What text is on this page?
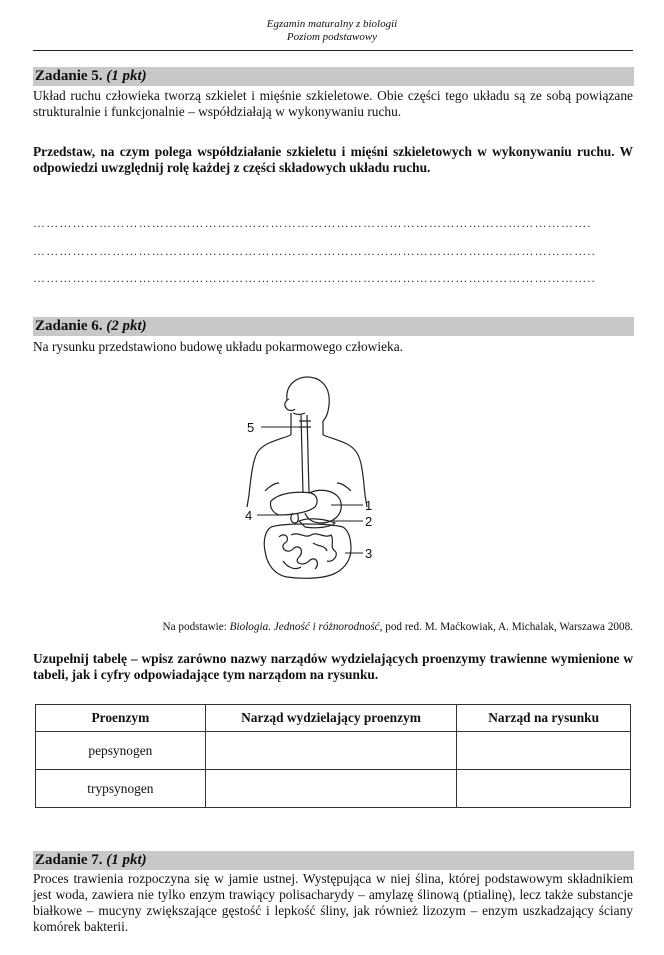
Egzamin maturalny z biologii
Poziom podstawowy
Zadanie 5. (1 pkt)
Układ ruchu człowieka tworzą szkielet i mięśnie szkieletowe. Obie części tego układu są ze sobą powiązane strukturalnie i funkcjonalnie – współdziałają w wykonywaniu ruchu.
Przedstaw, na czym polega współdziałanie szkieletu i mięśni szkieletowych w wykonywaniu ruchu. W odpowiedzi uwzględnij rolę każdej z części składowych układu ruchu.
……………………………………………………………………………………………………………….
………………………………………………………………………………………………………………..
………………………………………………………………………………………………………………..
Zadanie 6. (2 pkt)
Na rysunku przedstawiono budowę układu pokarmowego człowieka.
5
1
2
3
4
Na podstawie: Biologia. Jedność i różnorodność, pod red. M. Maćkowiak, A. Michalak, Warszawa 2008.
Uzupełnij tabelę – wpisz zarówno nazwy narządów wydzielających proenzymy trawienne wymienione w tabeli, jak i cyfry odpowiadające tym narządom na rysunku.
Proenzym	Narząd wydzielający proenzym	Narząd na rysunku
pepsynogen		
trypsynogen		
Zadanie 7. (1 pkt)
Proces trawienia rozpoczyna się w jamie ustnej. Występująca w niej ślina, której podstawowym składnikiem jest woda, zawiera nie tylko enzym trawiący polisacharydy – amylazę ślinową (ptialinę), lecz także substancje białkowe – mucyny zwiększające gęstość i lepkość śliny, jak również lizozym – enzym uszkadzający ściany komórek bakterii.
